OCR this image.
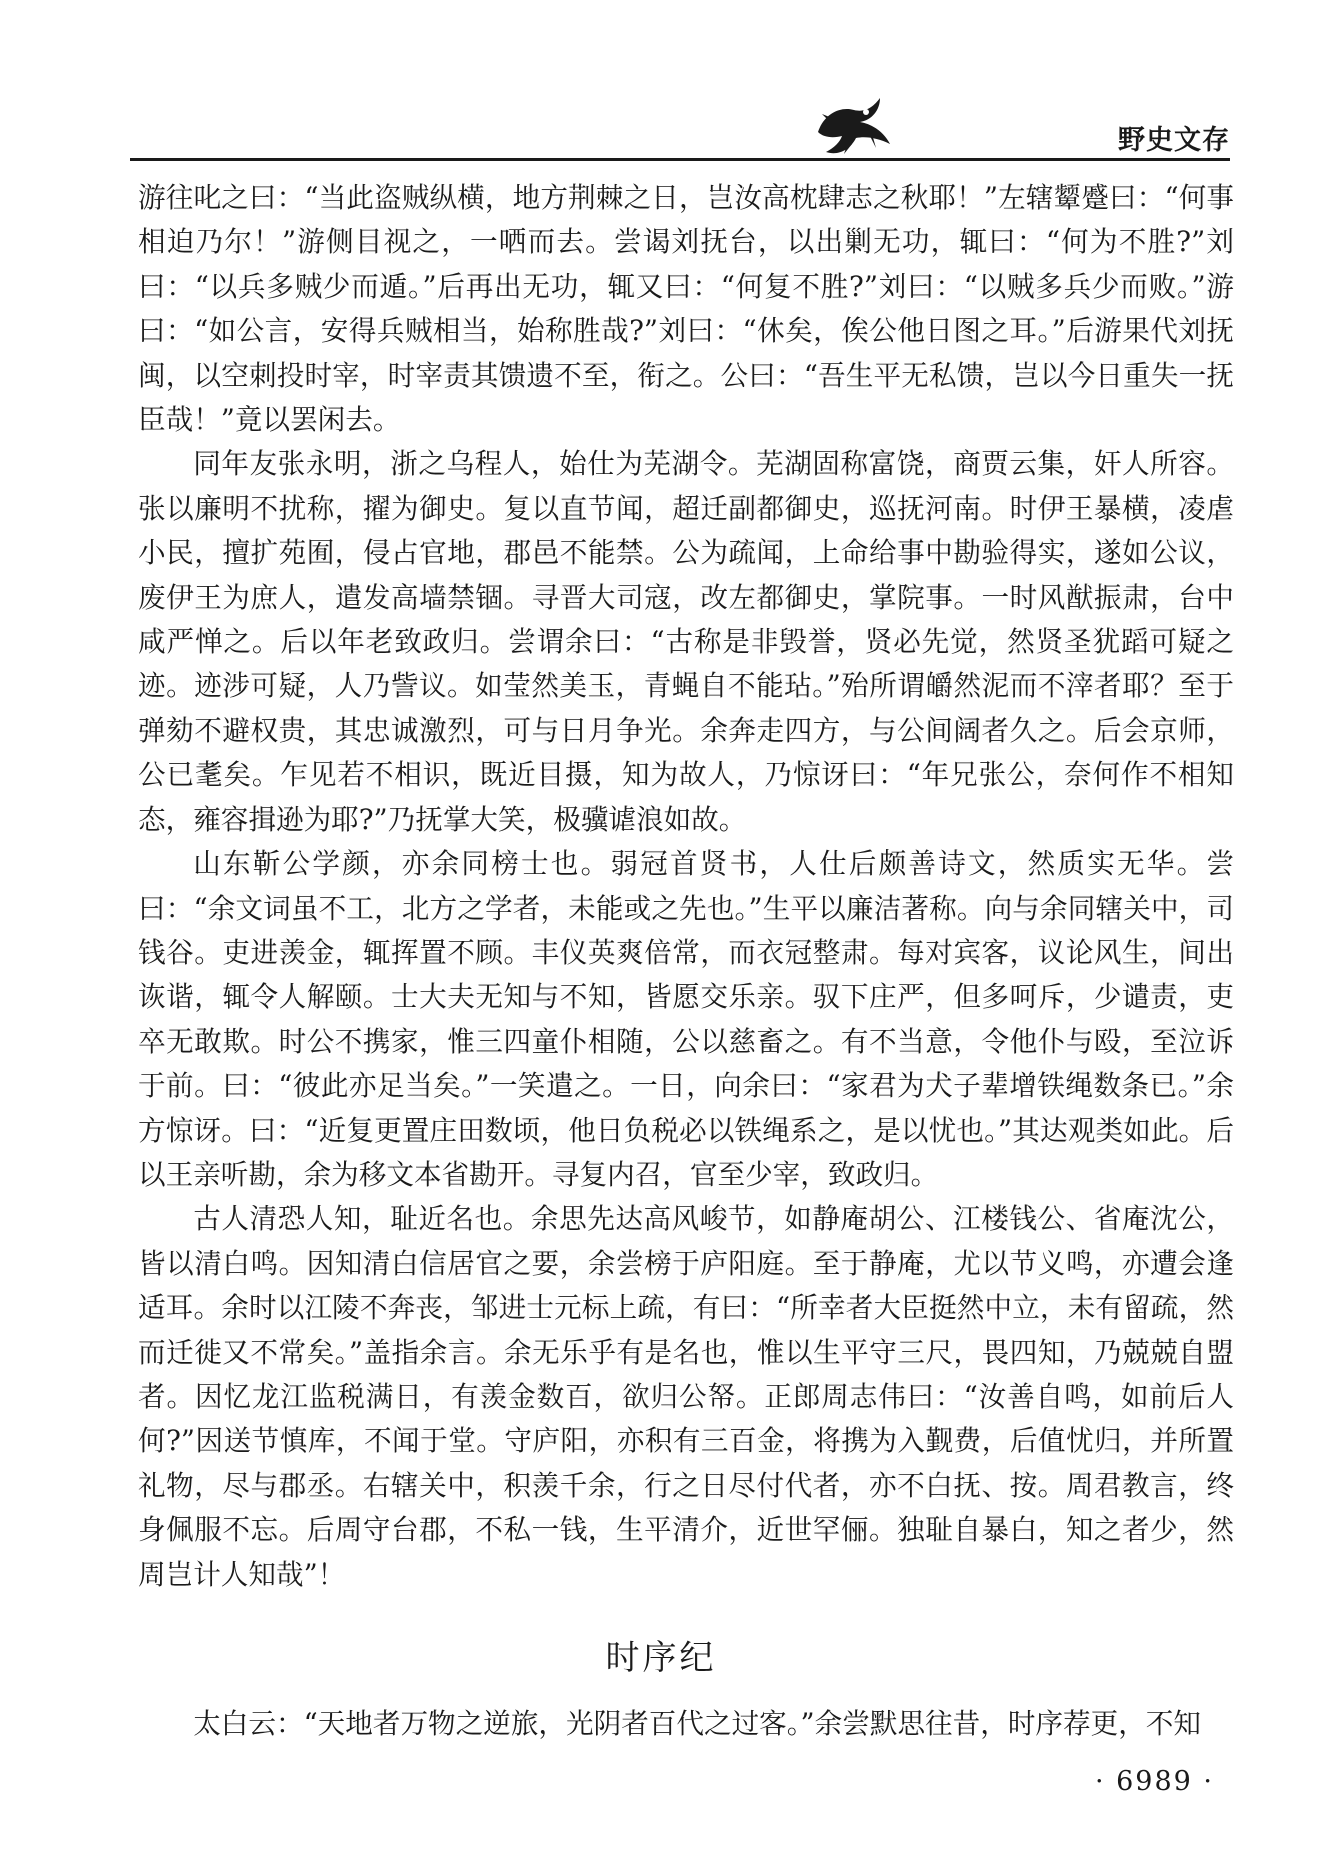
野史文存

游往叱之曰：“当此盗贼纵横，地方荆棘之日，岂汝高枕肆志之秋耶！”左辖颦蹙曰：“何事相迫乃尔！”游侧目视之，一哂而去。尝谒刘抚台，以出剿无功，辄曰：“何为不胜?”刘曰：“以兵多贼少而遁。”后再出无功，辄又曰：“何复不胜?”刘曰：“以贼多兵少而败。”游曰：“如公言，安得兵贼相当，始称胜哉?”刘曰：“休矣，俟公他日图之耳。”后游果代刘抚闽，以空刺投时宰，时宰责其馈遗不至，衔之。公曰：“吾生平无私馈，岂以今日重失一抚臣哉！”竟以罢闲去。

同年友张永明，浙之乌程人，始仕为芜湖令。芜湖固称富饶，商贾云集，奸人所容。张以廉明不扰称，擢为御史。复以直节闻，超迁副都御史，巡抚河南。时伊王暴横，凌虐小民，擅扩苑囿，侵占官地，郡邑不能禁。公为疏闻，上命给事中勘验得实，遂如公议，废伊王为庶人，遣发高墙禁锢。寻晋大司寇，改左都御史，掌院事。一时风猷振肃，台中咸严惮之。后以年老致政归。尝谓余曰：“古称是非毁誉，贤必先觉，然贤圣犹蹈可疑之迹。迹涉可疑，人乃訾议。如莹然美玉，青蝇自不能玷。”殆所谓皭然泥而不滓者耶？至于弹劾不避权贵，其忠诚激烈，可与日月争光。余奔走四方，与公间阔者久之。后会京师，公已耄矣。乍见若不相识，既近目摄，知为故人，乃惊讶曰：“年兄张公，奈何作不相知态，雍容揖逊为耶?”乃抚掌大笑，极骥谑浪如故。

山东靳公学颜，亦余同榜士也。弱冠首贤书，人仕后颇善诗文，然质实无华。尝曰：“余文词虽不工，北方之学者，未能或之先也。”生平以廉洁著称。向与余同辖关中，司钱谷。吏进羡金，辄挥置不顾。丰仪英爽倍常，而衣冠整肃。每对宾客，议论风生，间出诙谐，辄令人解颐。士大夫无知与不知，皆愿交乐亲。驭下庄严，但多呵斥，少谴责，吏卒无敢欺。时公不携家，惟三四童仆相随，公以慈畜之。有不当意，令他仆与殴，至泣诉于前。曰：“彼此亦足当矣。”一笑遣之。一日，向余曰：“家君为犬子辈增铁绳数条已。”余方惊讶。曰：“近复更置庄田数顷，他日负税必以铁绳系之，是以忧也。”其达观类如此。后以王亲听勘，余为移文本省勘开。寻复内召，官至少宰，致政归。

古人清恐人知，耻近名也。余思先达高风峻节，如静庵胡公、江楼钱公、省庵沈公，皆以清白鸣。因知清白信居官之要，余尝榜于庐阳庭。至于静庵，尤以节义鸣，亦遭会逢适耳。余时以江陵不奔丧，邹进士元标上疏，有曰：“所幸者大臣挺然中立，未有留疏，然而迁徙又不常矣。”盖指余言。余无乐乎有是名也，惟以生平守三尺，畏四知，乃兢兢自盟者。因忆龙江监税满日，有羡金数百，欲归公帑。正郎周志伟曰：“汝善自鸣，如前后人何?”因送节慎库，不闻于堂。守庐阳，亦积有三百金，将携为入觐费，后值忧归，并所置礼物，尽与郡丞。右辖关中，积羡千余，行之日尽付代者，亦不白抚、按。周君教言，终身佩服不忘。后周守台郡，不私一钱，生平清介，近世罕俪。独耻自暴白，知之者少，然周岂计人知哉”！

时序纪
太白云：“天地者万物之逆旅，光阴者百代之过客。”余尝默思往昔，时序荐更，不知
· 6989 ·
